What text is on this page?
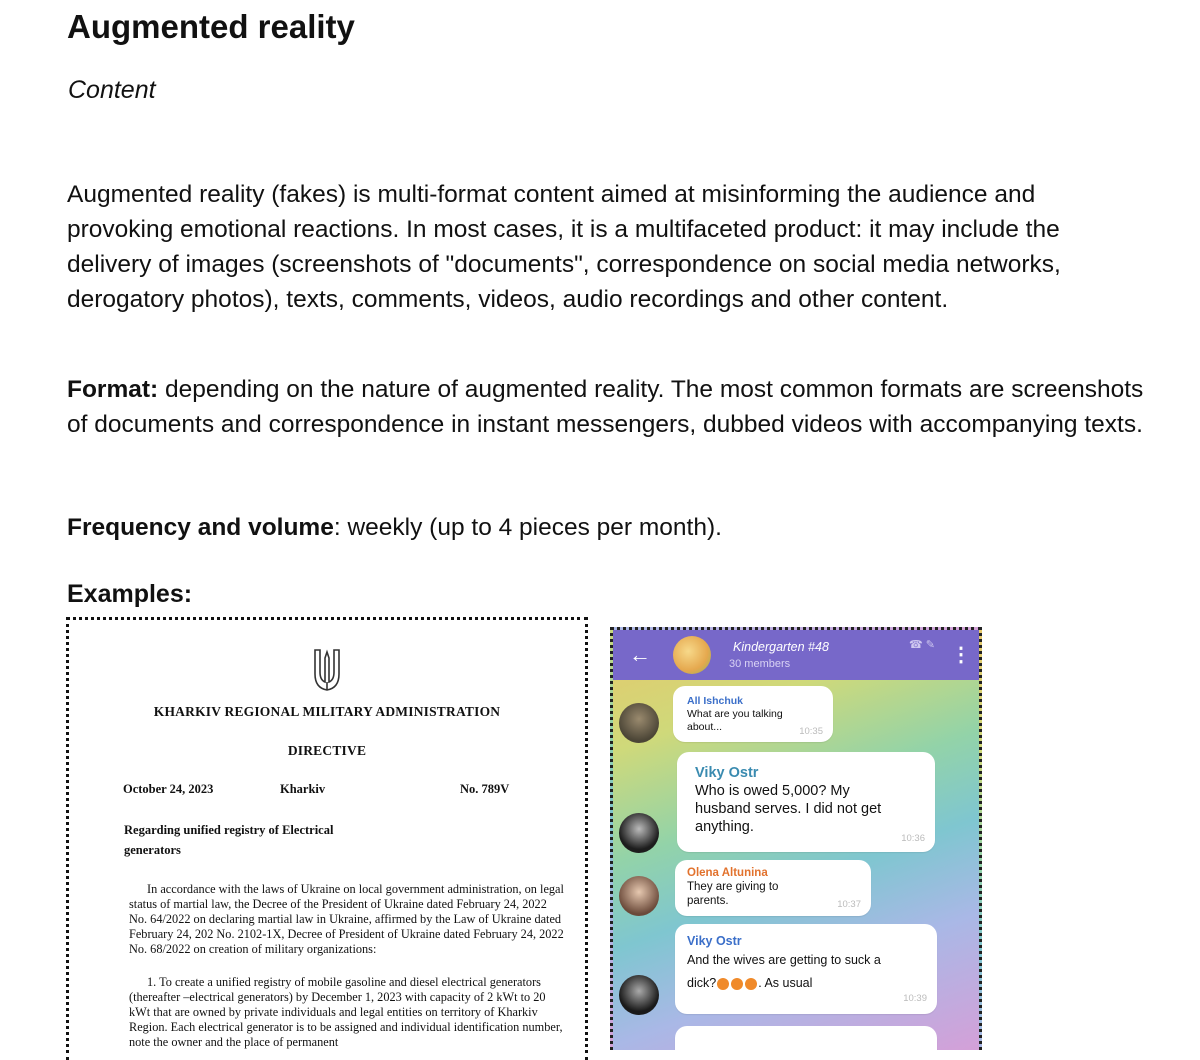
Augmented reality
Content
Augmented reality (fakes) is multi-format content aimed at misinforming the audience and provoking emotional reactions. In most cases, it is a multifaceted product: it may include the delivery of images (screenshots of "documents", correspondence on social media networks, derogatory photos), texts, comments, videos, audio recordings and other content.
Format: depending on the nature of augmented reality. The most common formats are screenshots of documents and correspondence in instant messengers, dubbed videos with accompanying texts.
Frequency and volume: weekly (up to 4 pieces per month).
Examples:
KHARKIV REGIONAL MILITARY ADMINISTRATION
DIRECTIVE
October 24, 2023	Kharkiv	No. 789V
Regarding unified registry of Electrical generators
In accordance with the laws of Ukraine on local government administration, on legal status of martial law, the Decree of the President of Ukraine dated February 24, 2022 No. 64/2022 on declaring martial law in Ukraine, affirmed by the Law of Ukraine dated February 24, 202 No. 2102-1X, Decree of President of Ukraine dated February 24, 2022 No. 68/2022 on creation of military organizations:
1. To create a unified registry of mobile gasoline and diesel electrical generators (thereafter –electrical generators) by December 1, 2023 with capacity of 2 kWt to 20 kWt that are owned by private individuals and legal entities on territory of Kharkiv Region. Each electrical generator is to be assigned and individual identification number, note the owner and the place of permanent
←	Kindergarten #48
30 members
☎ ✎ ⋮
All Ishchuk
What are you talking about...	10:35
Viky Ostr
Who is owed 5,000? My husband serves. I did not get anything.
10:36
Olena Altunina
They are giving to parents.	10:37
Viky Ostr
And the wives are getting to suck a dick?	. As usual
10:39
